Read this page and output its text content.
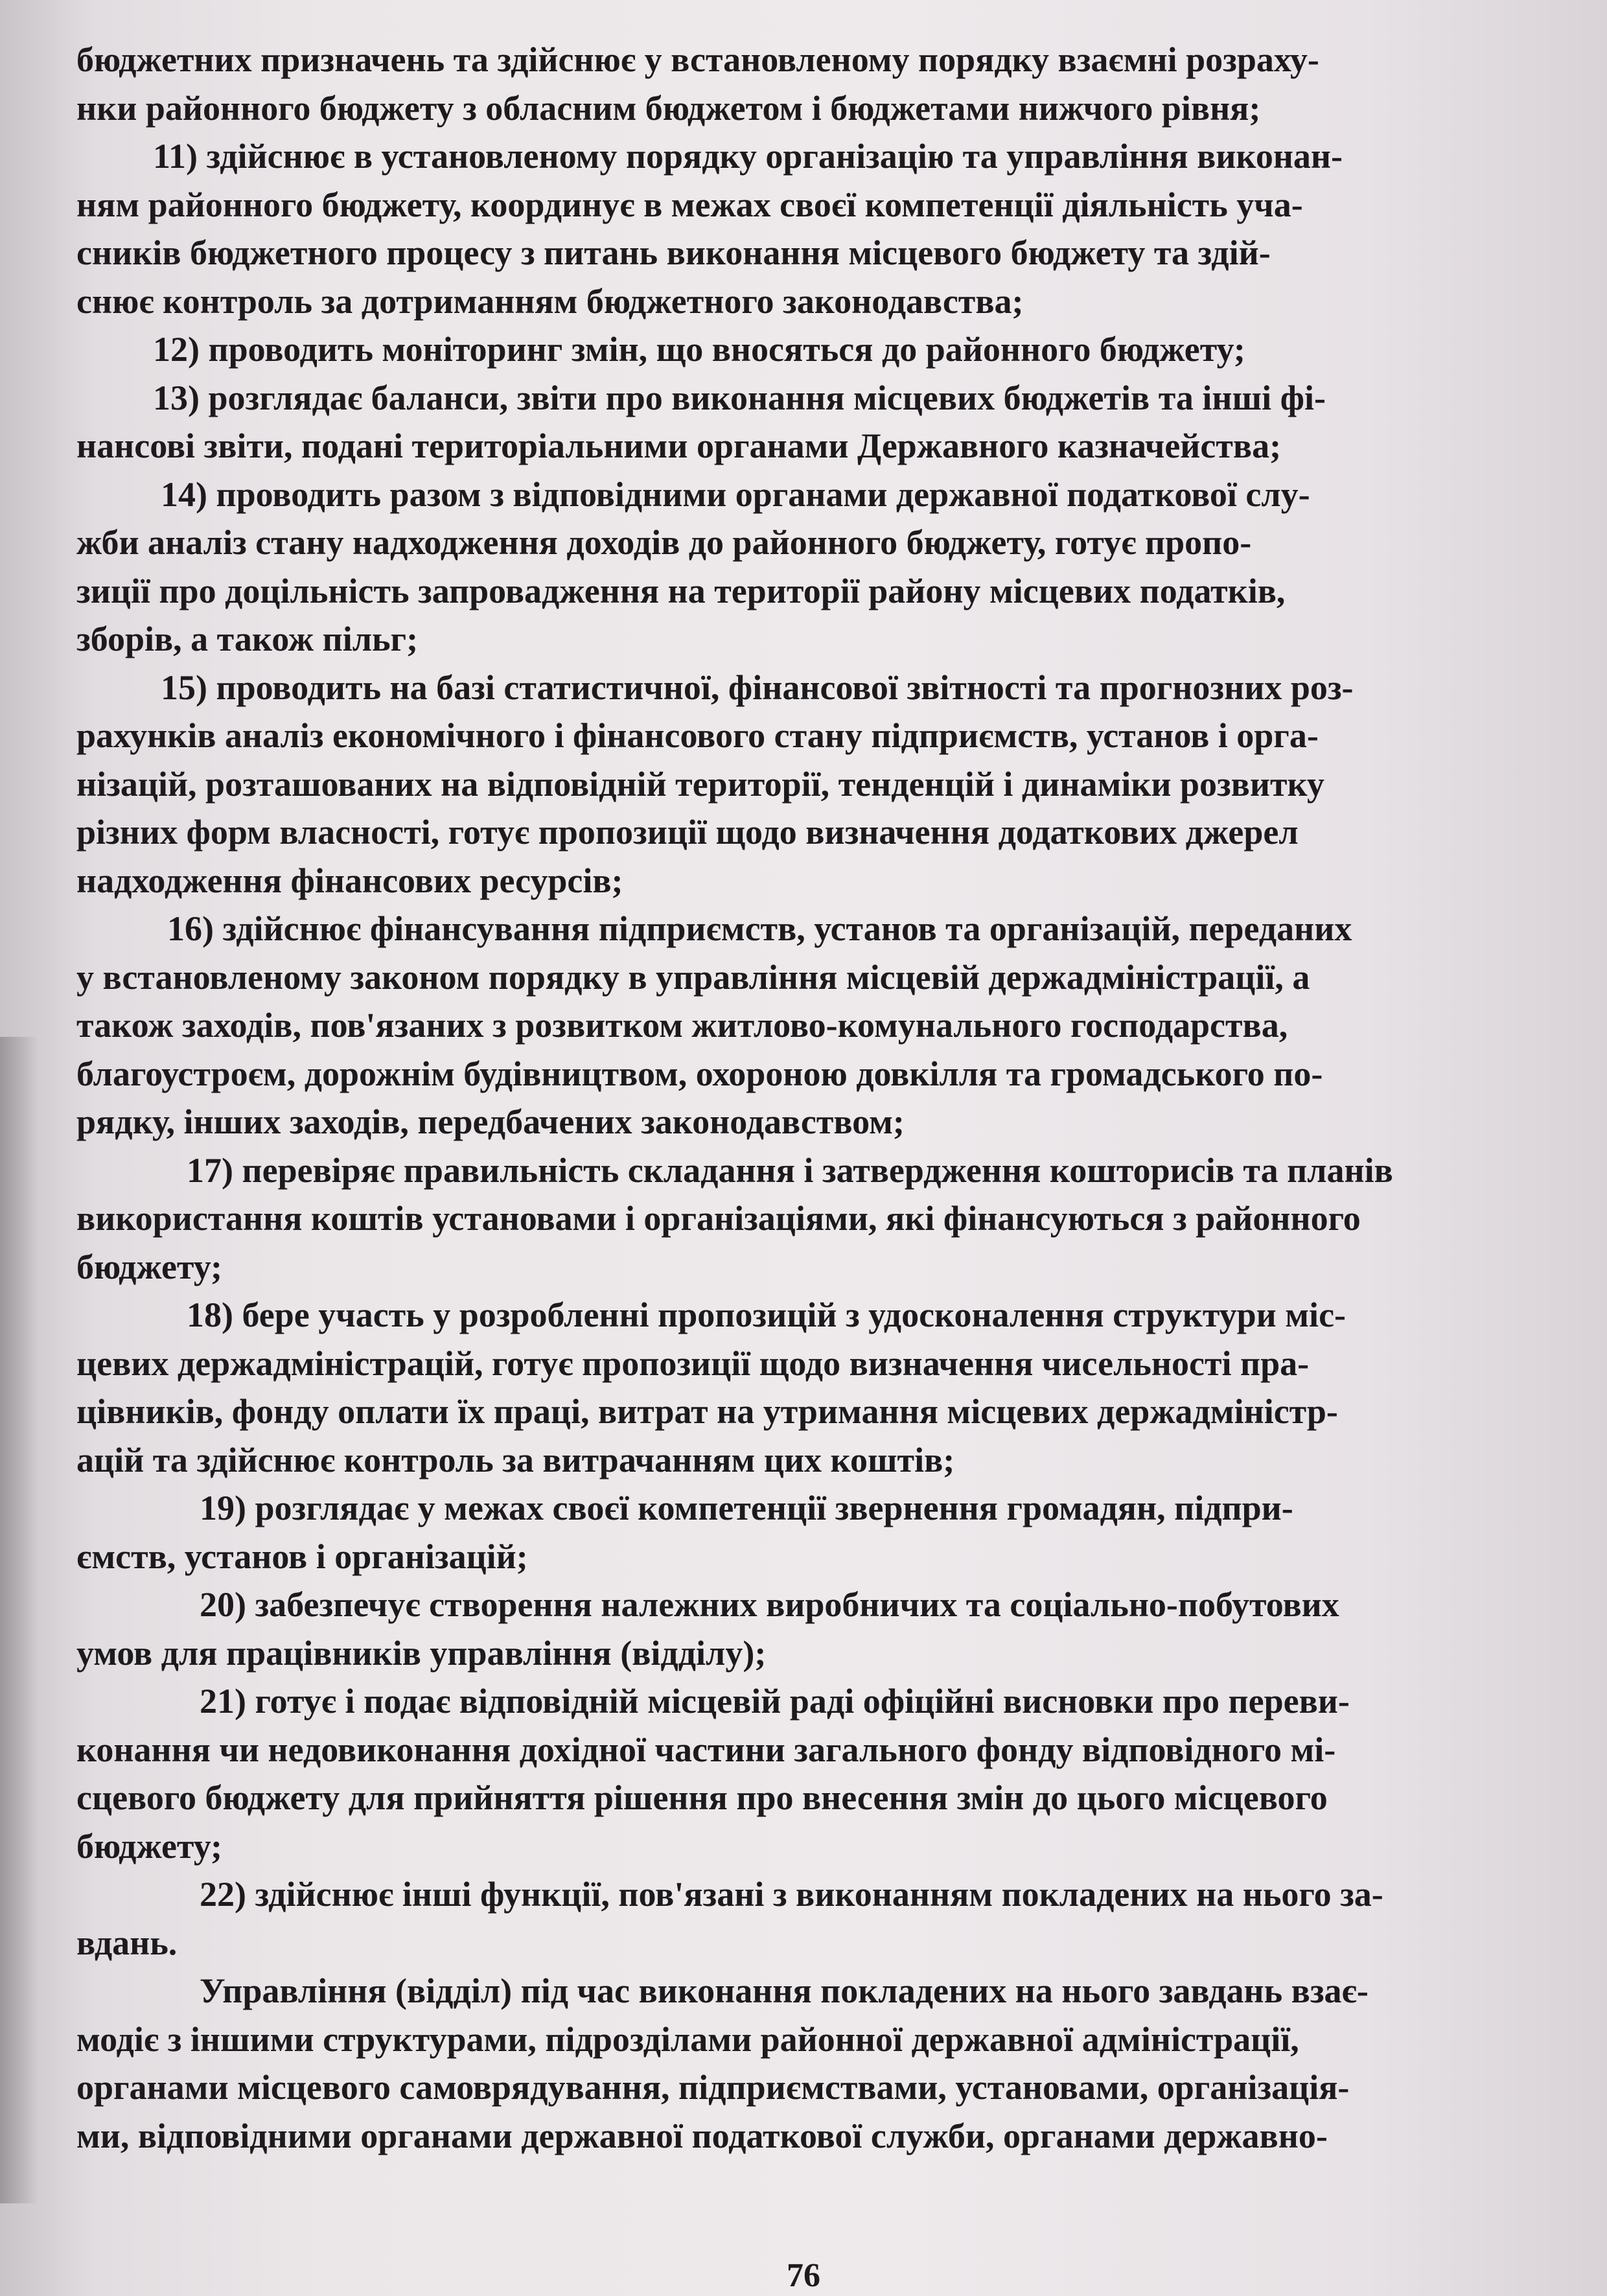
бюджетних призначень та здійснює у встановленому порядку взаємні розраху-
нки районного бюджету з обласним бюджетом і бюджетами нижчого рівня;
11) здійснює в установленому порядку організацію та управління виконан-
ням районного бюджету, координує в межах своєї компетенції діяльність уча-
сників бюджетного процесу з питань виконання місцевого бюджету та здій-
снює контроль за дотриманням бюджетного законодавства;
12) проводить моніторинг змін, що вносяться до районного бюджету;
13) розглядає баланси, звіти про виконання місцевих бюджетів та інші фі-
нансові звіти, подані територіальними органами Державного казначейства;
14) проводить разом з відповідними органами державної податкової слу-
жби аналіз стану надходження доходів до районного бюджету, готує пропо-
зиції про доцільність запровадження на території району місцевих податків,
зборів, а також пільг;
15) проводить на базі статистичної, фінансової звітності та прогнозних роз-
рахунків аналіз економічного і фінансового стану підприємств, установ і орга-
нізацій, розташованих на відповідній території, тенденцій і динаміки розвитку
різних форм власності, готує пропозиції щодо визначення додаткових джерел
надходження фінансових ресурсів;
16) здійснює фінансування підприємств, установ та організацій, переданих
у встановленому законом порядку в управління місцевій держадміністрації, а
також заходів, пов'язаних з розвитком житлово-комунального господарства,
благоустроєм, дорожнім будівництвом, охороною довкілля та громадського по-
рядку, інших заходів, передбачених законодавством;
17) перевіряє правильність складання і затвердження кошторисів та планів
використання коштів установами і організаціями, які фінансуються з районного
бюджету;
18) бере участь у розробленні пропозицій з удосконалення структури міс-
цевих держадміністрацій, готує пропозиції щодо визначення чисельності пра-
цівників, фонду оплати їх праці, витрат на утримання місцевих держадміністр-
ацій та здійснює контроль за витрачанням цих коштів;
19) розглядає у межах своєї компетенції звернення громадян, підпри-
ємств, установ і організацій;
20) забезпечує створення належних виробничих та соціально-побутових
умов для працівників управління (відділу);
21) готує і подає відповідній місцевій раді офіційні висновки про переви-
конання чи недовиконання дохідної частини загального фонду відповідного мі-
сцевого бюджету для прийняття рішення про внесення змін до цього місцевого
бюджету;
22) здійснює інші функції, пов'язані з виконанням покладених на нього за-
вдань.
Управління (відділ) під час виконання покладених на нього завдань взає-
модіє з іншими структурами, підрозділами районної державної адміністрації,
органами місцевого самоврядування, підприємствами, установами, організація-
ми, відповідними органами державної податкової служби, органами державно-
76
